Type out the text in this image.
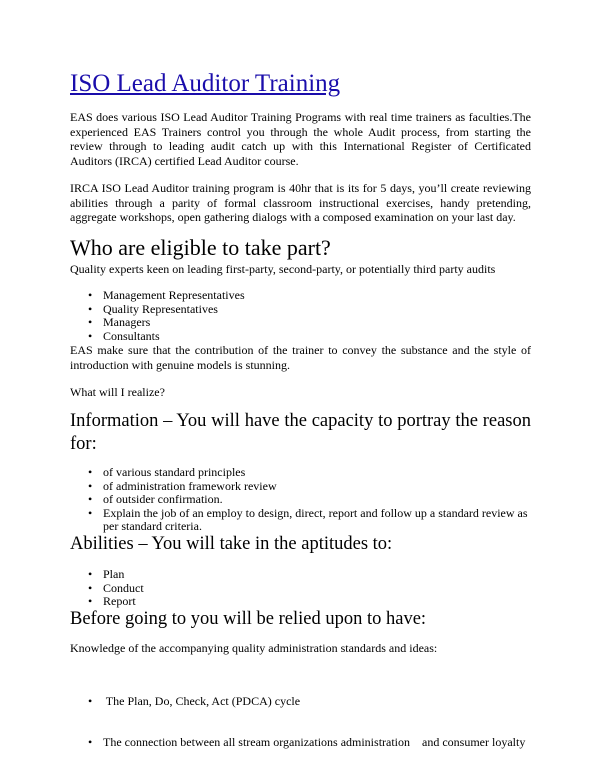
ISO Lead Auditor Training

EAS does various ISO Lead Auditor Training Programs with real time trainers as faculties.The experienced EAS Trainers control you through the whole Audit process, from starting the review through to leading audit catch up with this International Register of Certificated Auditors (IRCA) certified Lead Auditor course.

IRCA ISO Lead Auditor training program is 40hr that is its for 5 days, you’ll create reviewing abilities through a parity of formal classroom instructional exercises, handy pretending, aggregate workshops, open gathering dialogs with a composed examination on your last day.

Who are eligible to take part?

Quality experts keen on leading first-party, second-party, or potentially third party audits

• Management Representatives
• Quality Representatives
• Managers
• Consultants

EAS make sure that the contribution of the trainer to convey the substance and the style of introduction with genuine models is stunning.

What will I realize?

Information – You will have the capacity to portray the reason for:
• of various standard principles
• of administration framework review
• of outsider confirmation.
• Explain the job of an employ to design, direct, report and follow up a standard review as per standard criteria.
Abilities – You will take in the aptitudes to:
• Plan
• Conduct
• Report
Before going to you will be relied upon to have:

Knowledge of the accompanying quality administration standards and ideas:

•  The Plan, Do, Check, Act (PDCA) cycle

• The connection between all stream organizations administration    and consumer loyalty
